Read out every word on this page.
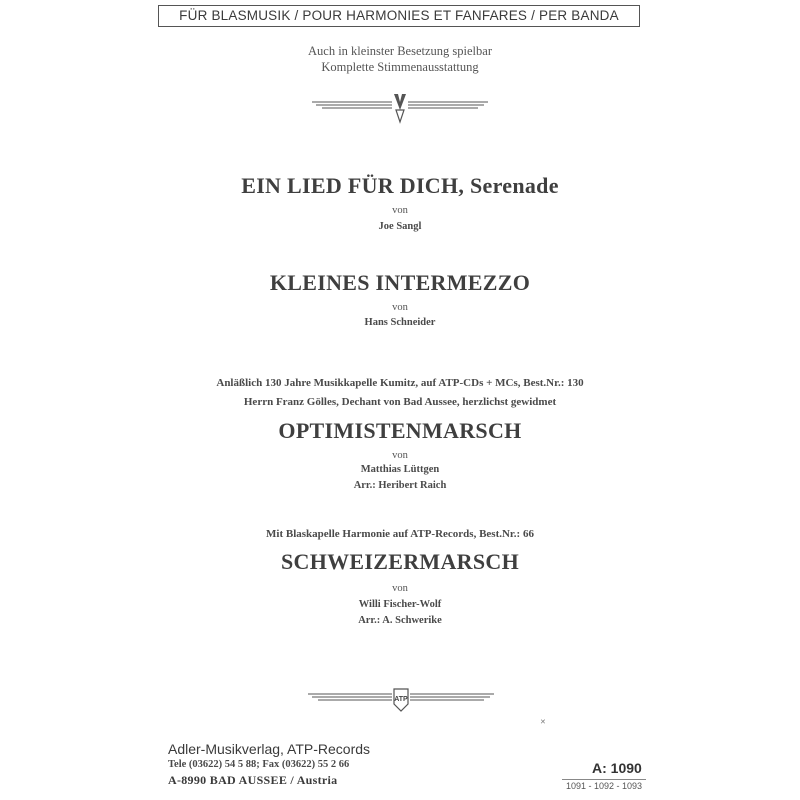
FÜR BLASMUSIK / POUR HARMONIES ET FANFARES / PER BANDA
Auch in kleinster Besetzung spielbar
Komplette Stimmenausstattung
EIN LIED FÜR DICH, Serenade
von
Joe Sangl
KLEINES INTERMEZZO
von
Hans Schneider
Anläßlich 130 Jahre Musikkapelle Kumitz, auf ATP-CDs + MCs, Best.Nr.: 130
Herrn Franz Gölles, Dechant von Bad Aussee, herzlichst gewidmet
OPTIMISTENMARSCH
von
Matthias Lüttgen
Arr.: Heribert Raich
Mit Blaskapelle Harmonie auf ATP-Records, Best.Nr.: 66
SCHWEIZERMARSCH
von
Willi Fischer-Wolf
Arr.: A. Schwerike
ATP
✕
Adler-Musikverlag, ATP-Records
Tele (03622) 54 5 88; Fax (03622) 55 2 66
A-8990 BAD AUSSEE / Austria
A: 1090
1091 - 1092 - 1093
